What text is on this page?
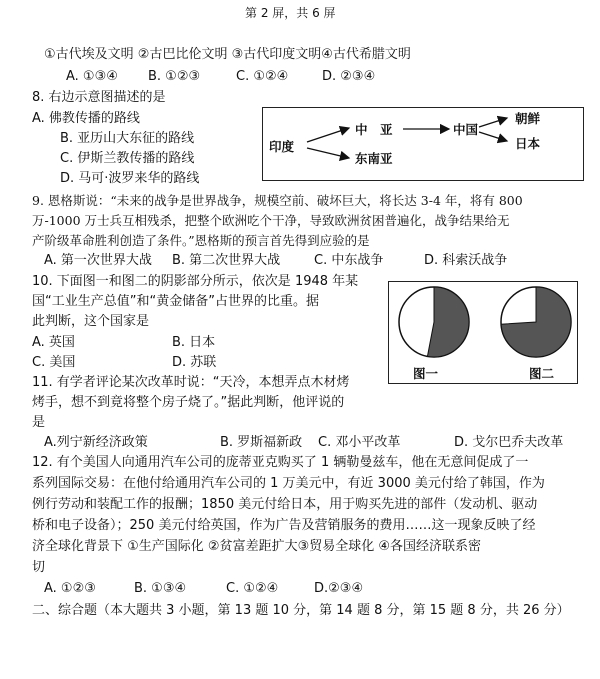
第 2 屏，共 6 屏
①古代埃及文明 ②古巴比伦文明 ③古代印度文明④古代希腊文明
A. ①③④ B. ①②③	C. ①②④	D. ②③④
8. 右边示意图描述的是
A. 佛教传播的路线
B. 亚历山大东征的路线
C. 伊斯兰教传播的路线
D. 马可·波罗来华的路线
印度
中　亚
东南亚
中国
朝鲜
日本
9. 恩格斯说：“未来的战争是世界战争，规模空前、破坏巨大，将长达 3-4 年，将有 800
万-1000 万士兵互相残杀，把整个欧洲吃个干净，导致欧洲贫困普遍化，战争结果给无
产阶级革命胜利创造了条件。”恩格斯的预言首先得到应验的是
A. 第一次世界大战 B. 第二次世界大战	C. 中东战争	D. 科索沃战争
10. 下面图一和图二的阴影部分所示，依次是 1948 年某
国“工业生产总值”和“黄金储备”占世界的比重。据
此判断，这个国家是
A. 英国	B. 日本
C. 美国	D. 苏联
图一	图二
11. 有学者评论某次改革时说：“天冷，本想弄点木材烤
烤手，想不到竟将整个房子烧了。”据此判断，他评说的
是
A.列宁新经济政策	B. 罗斯福新政 C. 邓小平改革	D. 戈尔巴乔夫改革
12. 有个美国人向通用汽车公司的庞蒂亚克购买了 1 辆勒曼兹车，他在无意间促成了一
系列国际交易：在他付给通用汽车公司的 1 万美元中，有近 3000 美元付给了韩国，作为
例行劳动和装配工作的报酬；1850 美元付给日本，用于购买先进的部件（发动机、驱动
桥和电子设备）；250 美元付给英国，作为广告及营销服务的费用……这一现象反映了经
济全球化背景下 ①生产国际化 ②贫富差距扩大③贸易全球化 ④各国经济联系密
切
A. ①②③	B. ①③④	C. ①②④	D.②③④
二、综合题（本大题共 3 小题，第 13 题 10 分，第 14 题 8 分，第 15 题 8 分，共 26 分）
